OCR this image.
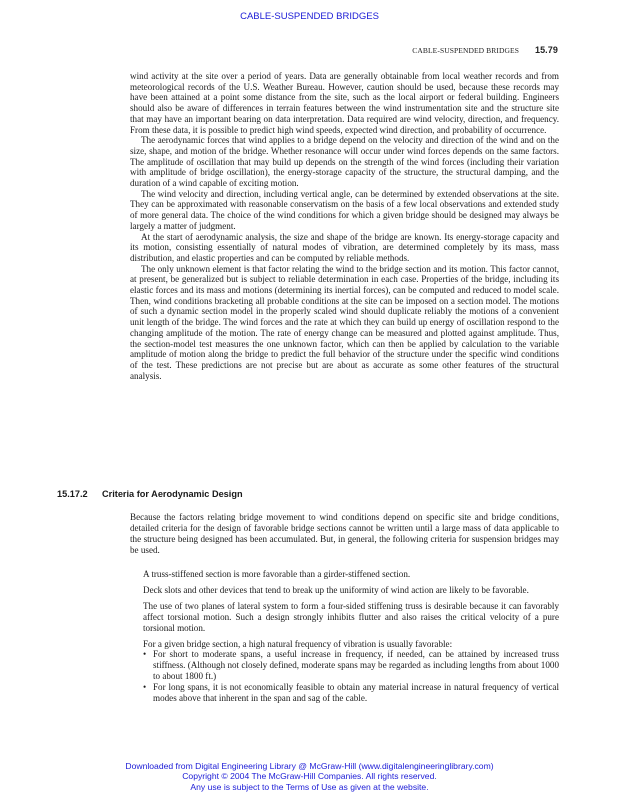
CABLE-SUSPENDED BRIDGES
CABLE-SUSPENDED BRIDGES 15.79

wind activity at the site over a period of years. Data are generally obtainable from local weather records and from meteorological records of the U.S. Weather Bureau. However, caution should be used, because these records may have been attained at a point some distance from the site, such as the local airport or federal building. Engineers should also be aware of differences in terrain features between the wind instrumentation site and the structure site that may have an important bearing on data interpretation. Data required are wind velocity, direction, and frequency. From these data, it is possible to predict high wind speeds, expected wind direction, and probability of occurrence.

The aerodynamic forces that wind applies to a bridge depend on the velocity and direction of the wind and on the size, shape, and motion of the bridge. Whether resonance will occur under wind forces depends on the same factors. The amplitude of oscillation that may build up depends on the strength of the wind forces (including their variation with amplitude of bridge oscillation), the energy-storage capacity of the structure, the structural damping, and the duration of a wind capable of exciting motion.

The wind velocity and direction, including vertical angle, can be determined by extended observations at the site. They can be approximated with reasonable conservatism on the basis of a few local observations and extended study of more general data. The choice of the wind conditions for which a given bridge should be designed may always be largely a matter of judgment.

At the start of aerodynamic analysis, the size and shape of the bridge are known. Its energy-storage capacity and its motion, consisting essentially of natural modes of vibration, are determined completely by its mass, mass distribution, and elastic properties and can be computed by reliable methods.

The only unknown element is that factor relating the wind to the bridge section and its motion. This factor cannot, at present, be generalized but is subject to reliable determination in each case. Properties of the bridge, including its elastic forces and its mass and motions (determining its inertial forces), can be computed and reduced to model scale. Then, wind conditions bracketing all probable conditions at the site can be imposed on a section model. The motions of such a dynamic section model in the properly scaled wind should duplicate reliably the motions of a convenient unit length of the bridge. The wind forces and the rate at which they can build up energy of oscillation respond to the changing amplitude of the motion. The rate of energy change can be measured and plotted against amplitude. Thus, the section-model test measures the one unknown factor, which can then be applied by calculation to the variable amplitude of motion along the bridge to predict the full behavior of the structure under the specific wind conditions of the test. These predictions are not precise but are about as accurate as some other features of the structural analysis.

15.17.2 Criteria for Aerodynamic Design

Because the factors relating bridge movement to wind conditions depend on specific site and bridge conditions, detailed criteria for the design of favorable bridge sections cannot be written until a large mass of data applicable to the structure being designed has been accumulated. But, in general, the following criteria for suspension bridges may be used.

A truss-stiffened section is more favorable than a girder-stiffened section.

Deck slots and other devices that tend to break up the uniformity of wind action are likely to be favorable.

The use of two planes of lateral system to form a four-sided stiffening truss is desirable because it can favorably affect torsional motion. Such a design strongly inhibits flutter and also raises the critical velocity of a pure torsional motion.

For a given bridge section, a high natural frequency of vibration is usually favorable:

• For short to moderate spans, a useful increase in frequency, if needed, can be attained by increased truss stiffness. (Although not closely defined, moderate spans may be regarded as including lengths from about 1000 to about 1800 ft.)
• For long spans, it is not economically feasible to obtain any material increase in natural frequency of vertical modes above that inherent in the span and sag of the cable.
Downloaded from Digital Engineering Library @ McGraw-Hill (www.digitalengineeringlibrary.com)
Copyright © 2004 The McGraw-Hill Companies. All rights reserved.
Any use is subject to the Terms of Use as given at the website.
